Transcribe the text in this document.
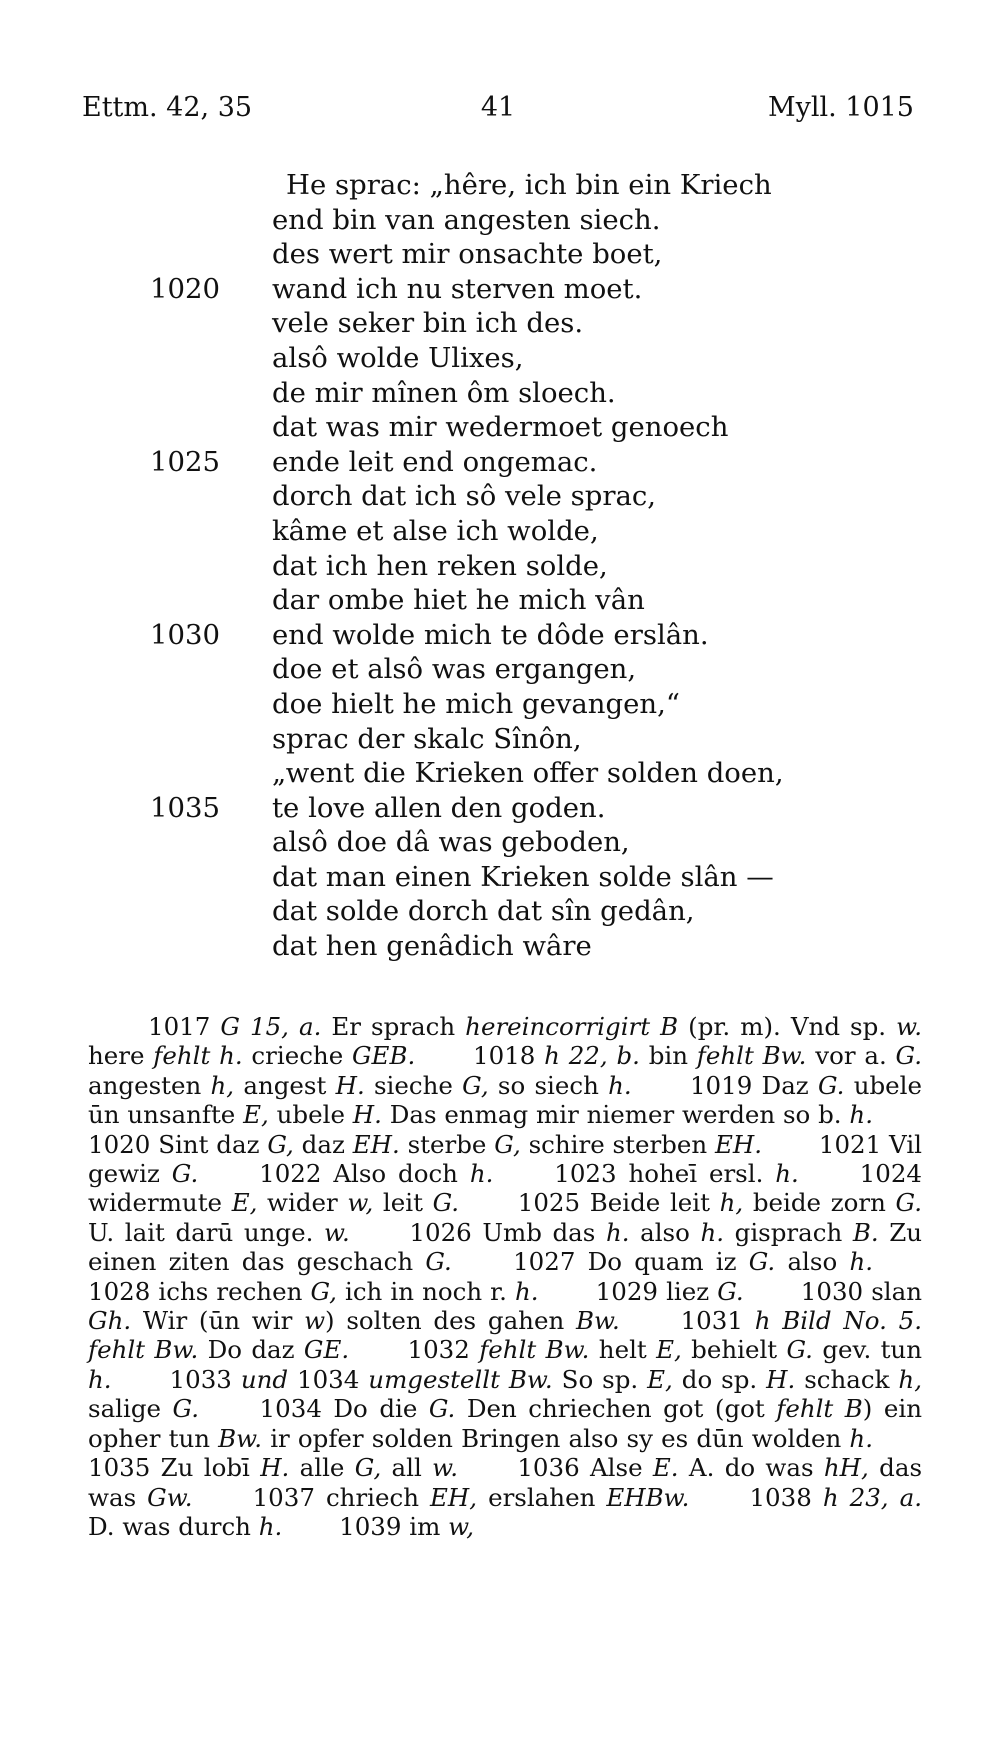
Ettm. 42, 35	41	Myll. 1015
He sprac: „hêre, ich bin ein Kriech
end bin van angesten siech.
des wert mir onsachte boet,
1020	wand ich nu sterven moet.
vele seker bin ich des.
alsô wolde Ulixes,
de mir mînen ôm sloech.
dat was mir wedermoet genoech
1025	ende leit end ongemac.
dorch dat ich sô vele sprac,
kâme et alse ich wolde,
dat ich hen reken solde,
dar ombe hiet he mich vân
1030	end wolde mich te dôde erslân.
doe et alsô was ergangen,
doe hielt he mich gevangen,“
sprac der skalc Sînôn,
„went die Krieken offer solden doen,
1035	te love allen den goden.
alsô doe dâ was geboden,
dat man einen Krieken solde slân —
dat solde dorch dat sîn gedân,
dat hen genâdich wâre

1017 G 15, a. Er sprach hereincorrigirt B (pr. m). Vnd sp. w. here fehlt h. crieche GEB.   1018 h 22, b. bin fehlt Bw. vor a. G. angesten h, angest H. sieche G, so siech h.   1019 Daz G. ubele ūn unsanfte E, ubele H. Das enmag mir niemer werden so b. h.   1020 Sint daz G, daz EH. sterbe G, schire sterben EH.   1021 Vil gewiz G.   1022 Also doch h.   1023 hoheī ersl. h.   1024 widermute E, wider w, leit G.   1025 Beide leit h, beide zorn G. U. lait darū unge. w.   1026 Umb das h. also h. gisprach B. Zu einen ziten das geschach G.   1027 Do quam iz G. also h.   1028 ichs rechen G, ich in noch r. h.   1029 liez G.   1030 slan Gh. Wir (ūn wir w) solten des gahen Bw.   1031 h Bild No. 5. fehlt Bw. Do daz GE.   1032 fehlt Bw. helt E, behielt G. gev. tun h.   1033 und 1034 umgestellt Bw. So sp. E, do sp. H. schack h, salige G.   1034 Do die G. Den chriechen got (got fehlt B) ein opher tun Bw. ir opfer solden Bringen also sy es dūn wolden h.   1035 Zu lobī H. alle G, all w.   1036 Alse E. A. do was hH, das was Gw.   1037 chriech EH, erslahen EHBw.   1038 h 23, a. D. was durch h.   1039 im w,
